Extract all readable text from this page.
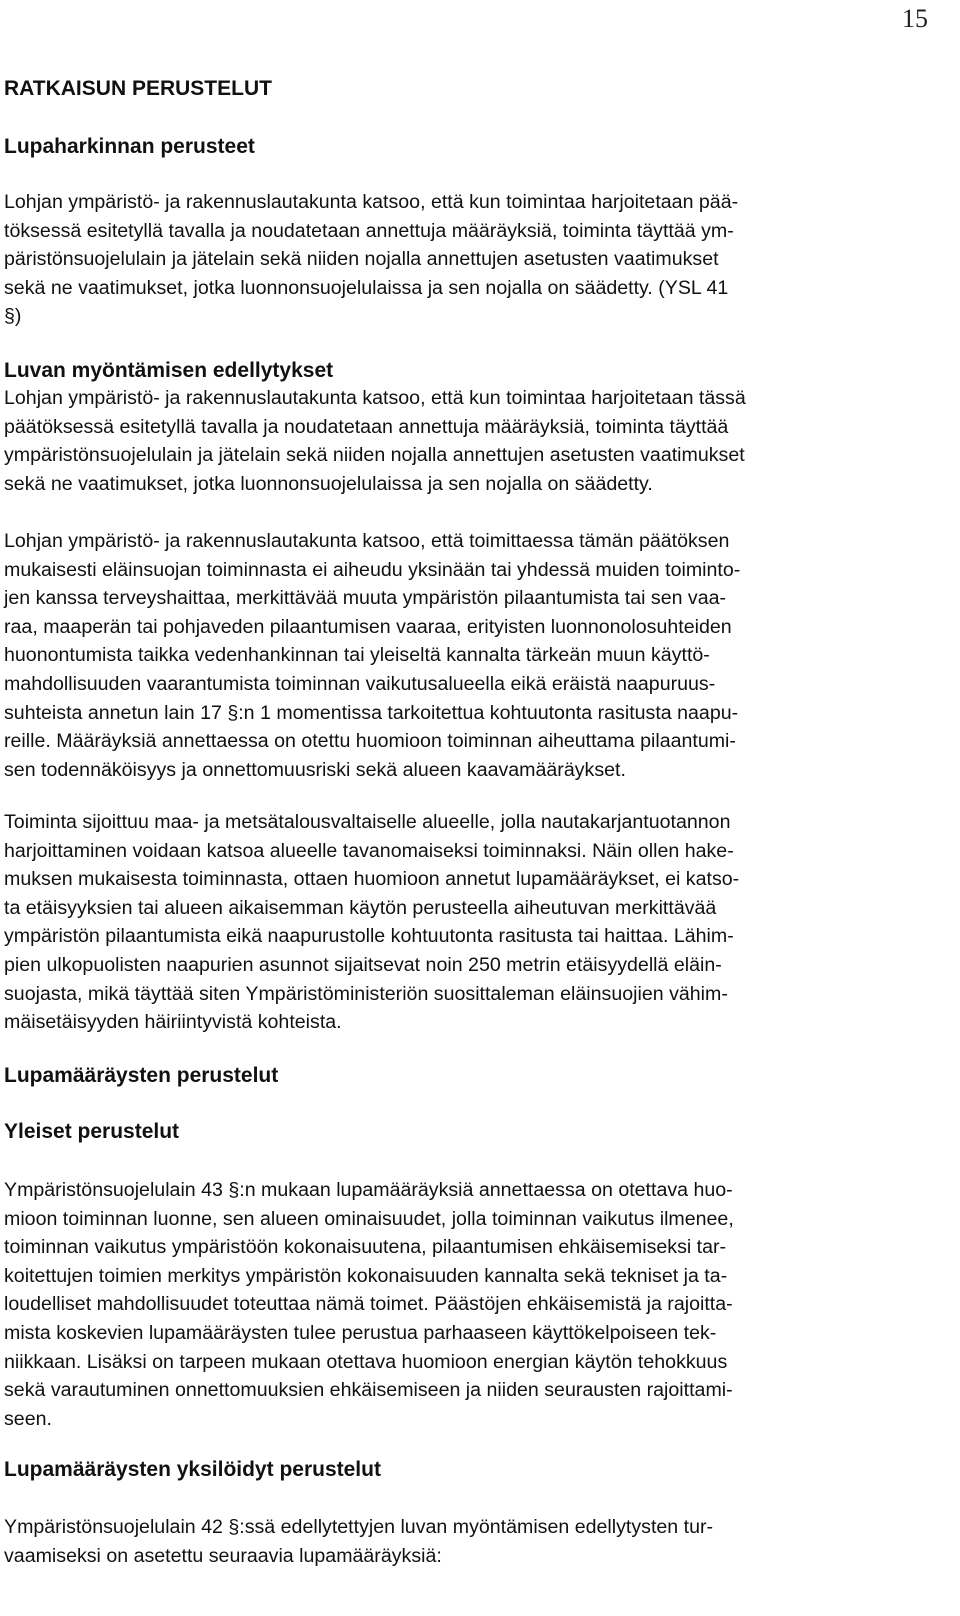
15
RATKAISUN PERUSTELUT
Lupaharkinnan perusteet

Lohjan ympäristö- ja rakennuslautakunta katsoo, että kun toimintaa harjoitetaan pää-
töksessä esitetyllä tavalla ja noudatetaan annettuja määräyksiä, toiminta täyttää ym-
päristönsuojelulain ja jätelain sekä niiden nojalla annettujen asetusten vaatimukset
sekä ne vaatimukset, jotka luonnonsuojelulaissa ja sen nojalla on säädetty. (YSL 41
§)

Luvan myöntämisen edellytykset

Lohjan ympäristö- ja rakennuslautakunta katsoo, että kun toimintaa harjoitetaan tässä
päätöksessä esitetyllä tavalla ja noudatetaan annettuja määräyksiä, toiminta täyttää
ympäristönsuojelulain ja jätelain sekä niiden nojalla annettujen asetusten vaatimukset
sekä ne vaatimukset, jotka luonnonsuojelulaissa ja sen nojalla on säädetty.

Lohjan ympäristö- ja rakennuslautakunta katsoo, että toimittaessa tämän päätöksen
mukaisesti eläinsuojan toiminnasta ei aiheudu yksinään tai yhdessä muiden toiminto-
jen kanssa terveyshaittaa, merkittävää muuta ympäristön pilaantumista tai sen vaa-
raa, maaperän tai pohjaveden pilaantumisen vaaraa, erityisten luonnonolosuhteiden
huonontumista taikka vedenhankinnan tai yleiseltä kannalta tärkeän muun käyttö-
mahdollisuuden vaarantumista toiminnan vaikutusalueella eikä eräistä naapuruus-
suhteista annetun lain 17 §:n 1 momentissa tarkoitettua kohtuutonta rasitusta naapu-
reille. Määräyksiä annettaessa on otettu huomioon toiminnan aiheuttama pilaantumi-
sen todennäköisyys ja onnettomuusriski sekä alueen kaavamääräykset.

Toiminta sijoittuu maa- ja metsätalousvaltaiselle alueelle, jolla nautakarjantuotannon
harjoittaminen voidaan katsoa alueelle tavanomaiseksi toiminnaksi. Näin ollen hake-
muksen mukaisesta toiminnasta, ottaen huomioon annetut lupamääräykset, ei katso-
ta etäisyyksien tai alueen aikaisemman käytön perusteella aiheutuvan merkittävää
ympäristön pilaantumista eikä naapurustolle kohtuutonta rasitusta tai haittaa. Lähim-
pien ulkopuolisten naapurien asunnot sijaitsevat noin 250 metrin etäisyydellä eläin-
suojasta, mikä täyttää siten Ympäristöministeriön suosittaleman eläinsuojien vähim-
mäisetäisyyden häiriintyvistä kohteista.

Lupamääräysten perustelut
Yleiset perustelut

Ympäristönsuojelulain 43 §:n mukaan lupamääräyksiä annettaessa on otettava huo-
mioon toiminnan luonne, sen alueen ominaisuudet, jolla toiminnan vaikutus ilmenee,
toiminnan vaikutus ympäristöön kokonaisuutena, pilaantumisen ehkäisemiseksi tar-
koitettujen toimien merkitys ympäristön kokonaisuuden kannalta sekä tekniset ja ta-
loudelliset mahdollisuudet toteuttaa nämä toimet. Päästöjen ehkäisemistä ja rajoitta-
mista koskevien lupamääräysten tulee perustua parhaaseen käyttökelpoiseen tek-
niikkaan. Lisäksi on tarpeen mukaan otettava huomioon energian käytön tehokkuus
sekä varautuminen onnettomuuksien ehkäisemiseen ja niiden seurausten rajoittami-
seen.

Lupamääräysten yksilöidyt perustelut

Ympäristönsuojelulain 42 §:ssä edellytettyjen luvan myöntämisen edellytysten tur-
vaamiseksi on asetettu seuraavia lupamääräyksiä:
